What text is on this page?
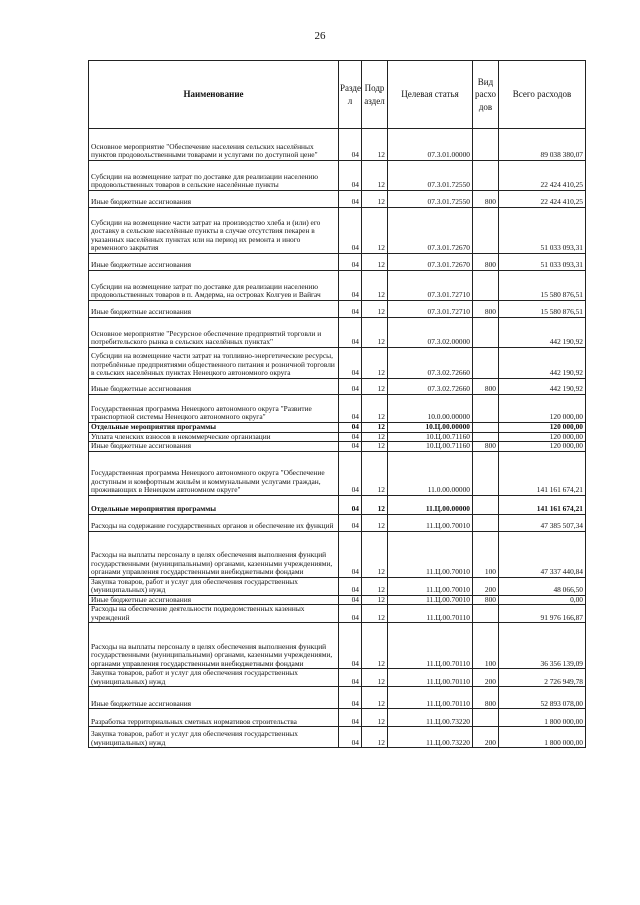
26
Наименование	Разде л	Подр аздел	Целевая статья	Вид расхо дов	Всего расходов
Основное мероприятие "Обеспечение населения сельских населённых пунктов продовольственными товарами и услугами по доступной цене"	04	12	07.3.01.00000		89 038 380,07
Субсидии на возмещение затрат по доставке для реализации населению продовольственных товаров в сельские населённые пункты	04	12	07.3.01.72550		22 424 410,25
Иные бюджетные ассигнования	04	12	07.3.01.72550	800	22 424 410,25
Субсидии на возмещение части затрат на производство хлеба и (или) его доставку в сельские населённые пункты в случае отсутствия пекарен в указанных населённых пунктах или на период их ремонта и иного временного закрытия	04	12	07.3.01.72670		51 033 093,31
Иные бюджетные ассигнования	04	12	07.3.01.72670	800	51 033 093,31
Субсидии на возмещение затрат по доставке для реализации населению продовольственных товаров в п. Амдерма, на островах Колгуев и Вайгач	04	12	07.3.01.72710		15 580 876,51
Иные бюджетные ассигнования	04	12	07.3.01.72710	800	15 580 876,51
Основное мероприятие "Ресурсное обеспечение предприятий торговли и потребительского рынка в сельских населённых пунктах"	04	12	07.3.02.00000		442 190,92
Субсидии на возмещение части затрат на топливно-энергетические ресурсы, потреблённые предприятиями общественного питания и розничной торговли в сельских населённых пунктах Ненецкого автономного округа	04	12	07.3.02.72660		442 190,92
Иные бюджетные ассигнования	04	12	07.3.02.72660	800	442 190,92
Государственная программа Ненецкого автономного округа "Развитие транспортной системы Ненецкого автономного округа"	04	12	10.0.00.00000		120 000,00
Отдельные мероприятия программы	04	12	10.Ц.00.00000		120 000,00
Уплата членских взносов в некоммерческие организации	04	12	10.Ц.00.71160		120 000,00
Иные бюджетные ассигнования	04	12	10.Ц.00.71160	800	120 000,00
Государственная программа Ненецкого автономного округа "Обеспечение доступным и комфортным жильём и коммунальными услугами граждан, проживающих в Ненецком автономном округе"	04	12	11.0.00.00000		141 161 674,21
Отдельные мероприятия программы	04	12	11.Ц.00.00000		141 161 674,21
Расходы на содержание государственных органов и обеспечение их функций	04	12	11.Ц.00.70010		47 385 507,34
Расходы на выплаты персоналу в целях обеспечения выполнения функций государственными (муниципальными) органами, казенными учреждениями, органами управления государственными внебюджетными фондами	04	12	11.Ц.00.70010	100	47 337 440,84
Закупка товаров, работ и услуг для обеспечения государственных (муниципальных) нужд	04	12	11.Ц.00.70010	200	48 066,50
Иные бюджетные ассигнования	04	12	11.Ц.00.70010	800	0,00
Расходы на обеспечение деятельности подведомственных казенных учреждений	04	12	11.Ц.00.70110		91 976 166,87
Расходы на выплаты персоналу в целях обеспечения выполнения функций государственными (муниципальными) органами, казенными учреждениями, органами управления государственными внебюджетными фондами	04	12	11.Ц.00.70110	100	36 356 139,09
Закупка товаров, работ и услуг для обеспечения государственных (муниципальных) нужд	04	12	11.Ц.00.70110	200	2 726 949,78
Иные бюджетные ассигнования	04	12	11.Ц.00.70110	800	52 893 078,00
Разработка территориальных сметных нормативов строительства	04	12	11.Ц.00.73220		1 800 000,00
Закупка товаров, работ и услуг для обеспечения государственных (муниципальных) нужд	04	12	11.Ц.00.73220	200	1 800 000,00
